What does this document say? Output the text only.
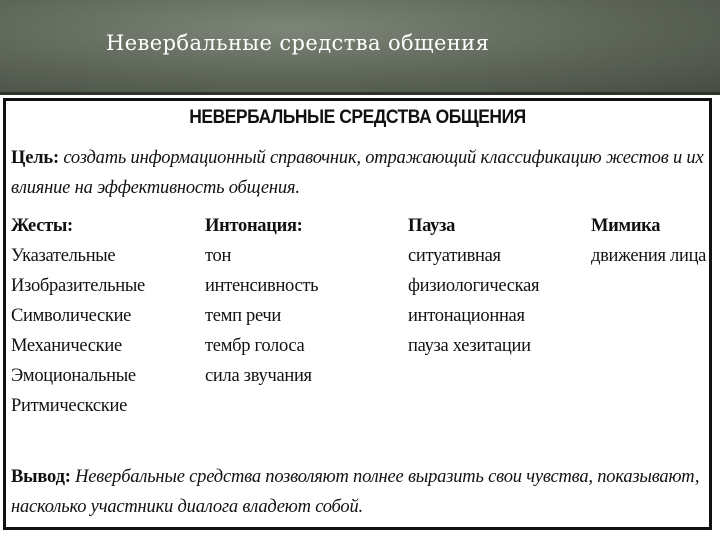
Невербальные средства общения
НЕВЕРБАЛЬНЫЕ СРЕДСТВА ОБЩЕНИЯ
Цель: создать информационный справочник, отражающий классификацию жестов и их
влияние на эффективность общения.
Жесты:
Указательные
Изобразительные
Символические
Механические
Эмоциональные
Ритмическские
Интонация:
тон
интенсивность
темп речи
тембр голоса
сила звучания
Пауза
ситуативная
физиологическая
интонационная
пауза хезитации
Мимика
движения лица
Вывод: Невербальные средства позволяют полнее выразить свои чувства, показывают,
насколько участники диалога владеют собой.
